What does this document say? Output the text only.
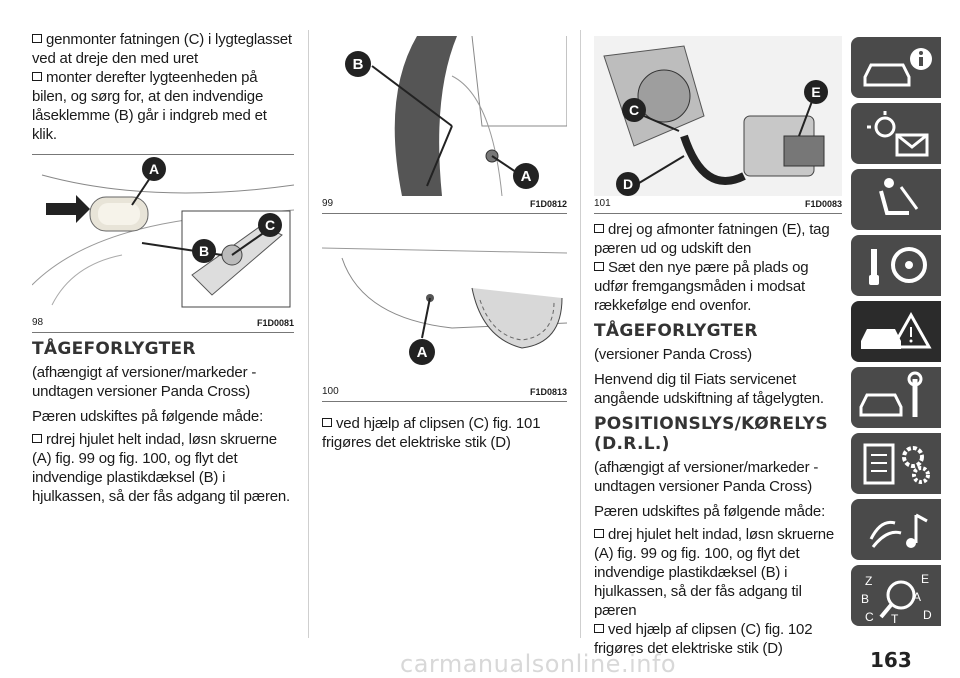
genmonter fatningen (C) i lygteglasset ved at dreje den med uret
monter derefter lygteenheden på bilen, og sørg for, at den indvendige låseklemme (B) går i indgreb med et klik.
A
B
C
98	F1D0081
TÅGEFORLYGTER

(afhængigt af versioner/markeder - undtagen versioner Panda Cross)

Pæren udskiftes på følgende måde:

rdrej hjulet helt indad, løsn skruerne (A) fig. 99 og fig. 100, og flyt det indvendige plastikdæksel (B) i hjulkassen, så der fås adgang til pæren.
B
A
99	F1D0812
A
100	F1D0813
ved hjælp af clipsen (C) fig. 101 frigøres det elektriske stik (D)
C
E
D
101	F1D0083
drej og afmonter fatningen (E), tag pæren ud og udskift den
Sæt den nye pære på plads og udfør fremgangsmåden i modsat rækkefølge end ovenfor.
TÅGEFORLYGTER

(versioner Panda Cross)

Henvend dig til Fiats servicenet angående udskiftning af tågelygten.

POSITIONSLYS/KØRELYS (D.R.L.)

(afhængigt af versioner/markeder - undtagen versioner Panda Cross)

Pæren udskiftes på følgende måde:

drej hjulet helt indad, løsn skruerne (A) fig. 99 og fig. 100, og flyt det indvendige plastikdæksel (B) i hjulkassen, så der fås adgang til pæren
ved hjælp af clipsen (C) fig. 102 frigøres det elektriske stik (D)
Z	E
B	A
C T D
carmanualsonline.info	163
